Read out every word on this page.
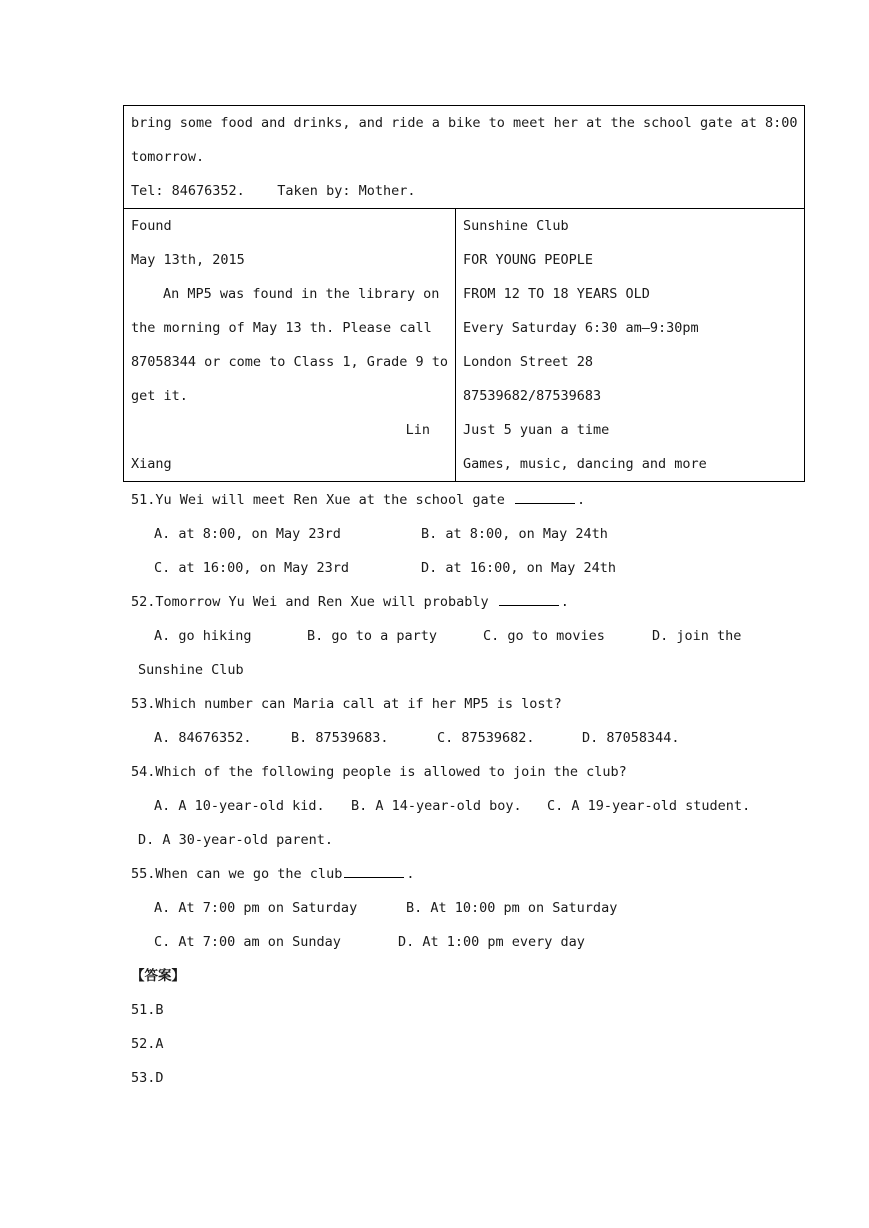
bring some food and drinks, and ride a bike to meet her at the school gate at 8:00
tomorrow.
Tel: 84676352.    Taken by: Mother.

Found
May 13th, 2015
An MP5 was found in the library on
the morning of May 13 th. Please call
87058344 or come to Class 1, Grade 9 to
get it.
Lin
Xiang

Sunshine Club
FOR YOUNG PEOPLE
FROM 12 TO 18 YEARS OLD
Every Saturday 6:30 am—9:30pm
London Street 28
87539682/87539683
Just 5 yuan a time
Games, music, dancing and more
51.Yu Wei will meet Ren Xue at the school gate	.
A. at 8:00, on May 23rd	B. at 8:00, on May 24th
C. at 16:00, on May 23rd	D. at 16:00, on May 24th
52.Tomorrow Yu Wei and Ren Xue will probably	.
A. go hiking	B. go to a party	C. go to movies	D. join the
Sunshine Club
53.Which number can Maria call at if her MP5 is lost?
A. 84676352.	B. 87539683.	C. 87539682.	D. 87058344.
54.Which of the following people is allowed to join the club?
A. A 10-year-old kid. B. A 14-year-old boy. C. A 19-year-old student.
D. A 30-year-old parent.
55.When can we go the club	.
A. At 7:00 pm on Saturday	B. At 10:00 pm on Saturday
C. At 7:00 am on Sunday	D. At 1:00 pm every day
【答案】
51.B
52.A
53.D
